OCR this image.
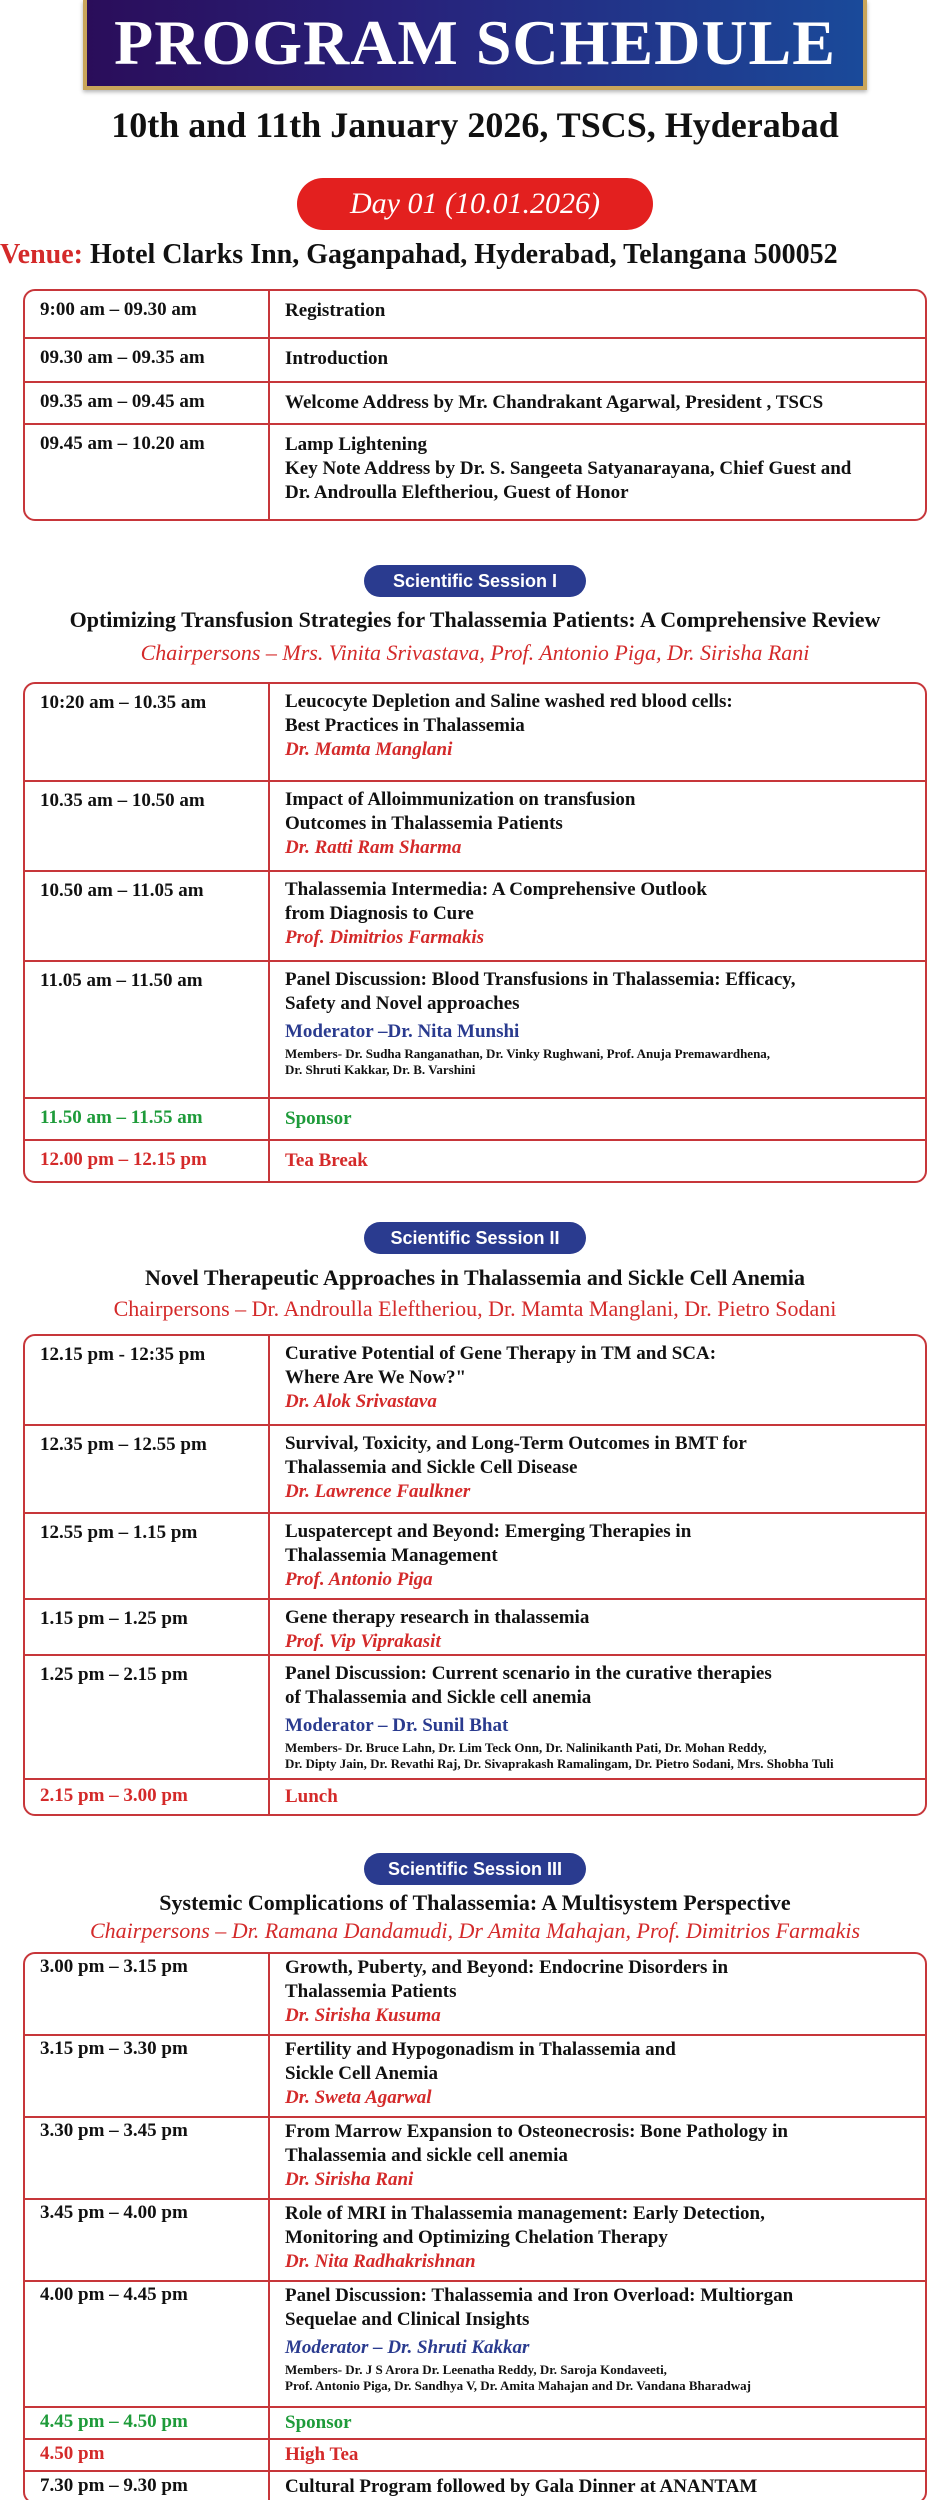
PROGRAM SCHEDULE
10th and 11th January 2026, TSCS, Hyderabad
Day 01 (10.01.2026)
Venue: Hotel Clarks Inn, Gaganpahad, Hyderabad, Telangana 500052
9:00 am – 09.30 am	Registration
09.30 am – 09.35 am	Introduction
09.35 am – 09.45 am	Welcome Address by Mr. Chandrakant Agarwal, President , TSCS
09.45 am – 10.20 am	Lamp Lightening
Key Note Address by Dr. S. Sangeeta Satyanarayana, Chief Guest and
Dr. Androulla Eleftheriou, Guest of Honor
Scientific Session I
Optimizing Transfusion Strategies for Thalassemia Patients: A Comprehensive Review
Chairpersons – Mrs. Vinita Srivastava, Prof. Antonio Piga, Dr. Sirisha Rani
10:20 am – 10.35 am	Leucocyte Depletion and Saline washed red blood cells:
Best Practices in Thalassemia
Dr. Mamta Manglani
10.35 am – 10.50 am	Impact of Alloimmunization on transfusion
Outcomes in Thalassemia Patients
Dr. Ratti Ram Sharma
10.50 am – 11.05 am	Thalassemia Intermedia: A Comprehensive Outlook
from Diagnosis to Cure
Prof. Dimitrios Farmakis
11.05 am – 11.50 am	Panel Discussion: Blood Transfusions in Thalassemia: Efficacy,
Safety and Novel approaches
Moderator –Dr. Nita Munshi
Members- Dr. Sudha Ranganathan, Dr. Vinky Rughwani, Prof. Anuja Premawardhena,
Dr. Shruti Kakkar, Dr. B. Varshini
11.50 am – 11.55 am	Sponsor
12.00 pm – 12.15 pm	Tea Break
Scientific Session II
Novel Therapeutic Approaches in Thalassemia and Sickle Cell Anemia
Chairpersons – Dr. Androulla Eleftheriou, Dr. Mamta Manglani, Dr. Pietro Sodani
12.15 pm - 12:35 pm	Curative Potential of Gene Therapy in TM and SCA:
Where Are We Now?"
Dr. Alok Srivastava
12.35 pm – 12.55 pm	Survival, Toxicity, and Long-Term Outcomes in BMT for
Thalassemia and Sickle Cell Disease
Dr. Lawrence Faulkner
12.55 pm – 1.15 pm	Luspatercept and Beyond: Emerging Therapies in
Thalassemia Management
Prof. Antonio Piga
1.15 pm – 1.25 pm	Gene therapy research in thalassemia
Prof. Vip Viprakasit
1.25 pm – 2.15 pm	Panel Discussion: Current scenario in the curative therapies
of Thalassemia and Sickle cell anemia
Moderator – Dr. Sunil Bhat
Members- Dr. Bruce Lahn, Dr. Lim Teck Onn, Dr. Nalinikanth Pati, Dr. Mohan Reddy,
Dr. Dipty Jain, Dr. Revathi Raj, Dr. Sivaprakash Ramalingam, Dr. Pietro Sodani, Mrs. Shobha Tuli
2.15 pm – 3.00 pm	Lunch
Scientific Session III
Systemic Complications of Thalassemia: A Multisystem Perspective
Chairpersons – Dr. Ramana Dandamudi, Dr Amita Mahajan, Prof. Dimitrios Farmakis
3.00 pm – 3.15 pm	Growth, Puberty, and Beyond: Endocrine Disorders in
Thalassemia Patients
Dr. Sirisha Kusuma
3.15 pm – 3.30 pm	Fertility and Hypogonadism in Thalassemia and
Sickle Cell Anemia
Dr. Sweta Agarwal
3.30 pm – 3.45 pm	From Marrow Expansion to Osteonecrosis: Bone Pathology in
Thalassemia and sickle cell anemia
Dr. Sirisha Rani
3.45 pm – 4.00 pm	Role of MRI in Thalassemia management: Early Detection,
Monitoring and Optimizing Chelation Therapy
Dr. Nita Radhakrishnan
4.00 pm – 4.45 pm	Panel Discussion: Thalassemia and Iron Overload: Multiorgan
Sequelae and Clinical Insights
Moderator – Dr. Shruti Kakkar
Members- Dr. J S Arora Dr. Leenatha Reddy, Dr. Saroja Kondaveeti,
Prof. Antonio Piga, Dr. Sandhya V, Dr. Amita Mahajan and Dr. Vandana Bharadwaj
4.45 pm – 4.50 pm	Sponsor
4.50 pm	High Tea
7.30 pm – 9.30 pm	Cultural Program followed by Gala Dinner at ANANTAM
